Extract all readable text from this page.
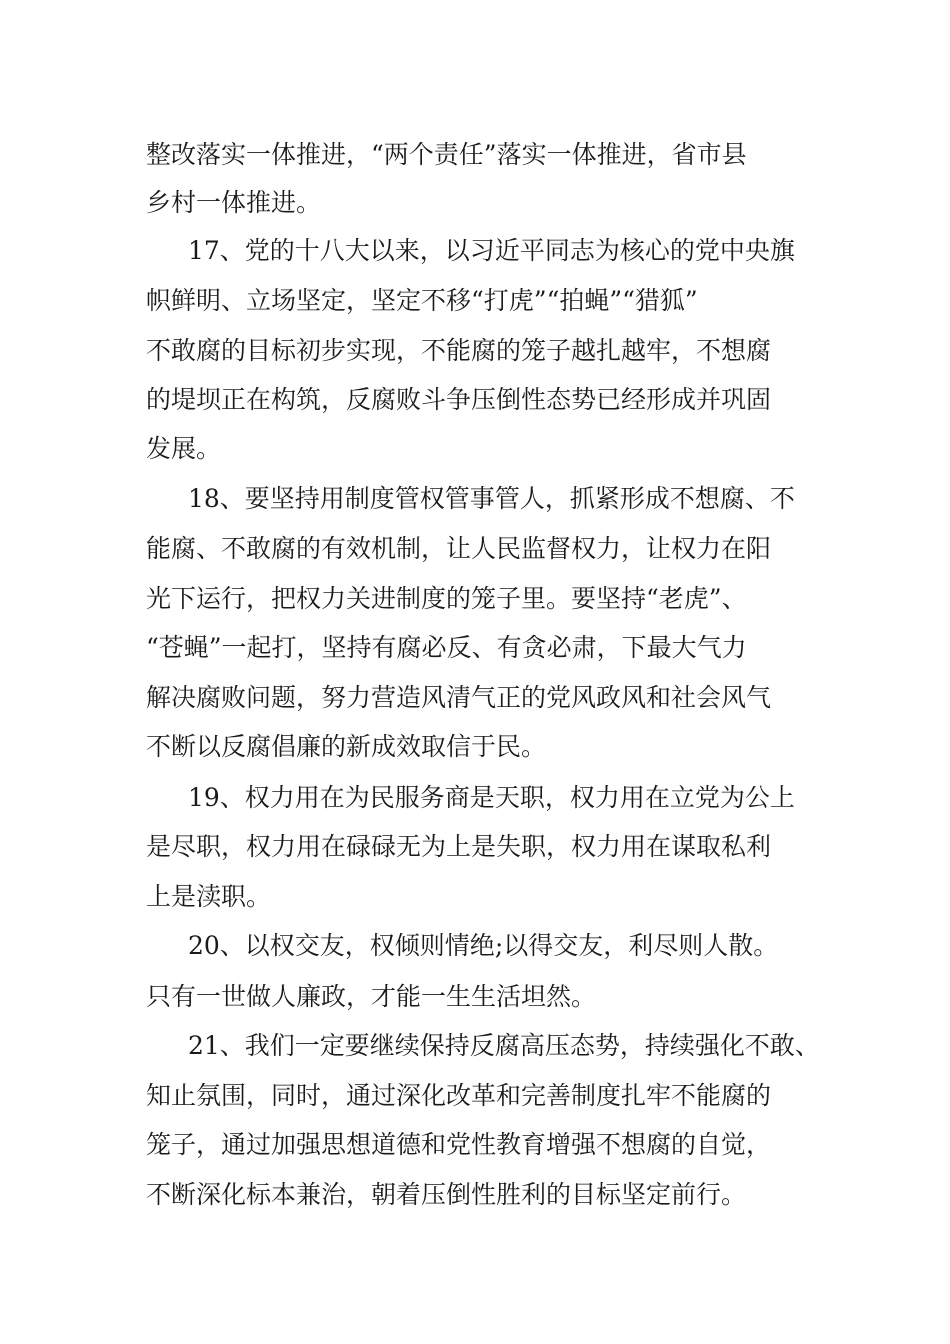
整改落实一体推进，“两个责任”落实一体推进，省市县
乡村一体推进。
17、党的十八大以来，以习近平同志为核心的党中央旗
帜鲜明、立场坚定，坚定不移“打虎”“拍蝇”“猎狐”
不敢腐的目标初步实现，不能腐的笼子越扎越牢，不想腐
的堤坝正在构筑，反腐败斗争压倒性态势已经形成并巩固
发展。
18、要坚持用制度管权管事管人，抓紧形成不想腐、不
能腐、不敢腐的有效机制，让人民监督权力，让权力在阳
光下运行，把权力关进制度的笼子里。要坚持“老虎”、
“苍蝇”一起打，坚持有腐必反、有贪必肃，下最大气力
解决腐败问题，努力营造风清气正的党风政风和社会风气
不断以反腐倡廉的新成效取信于民。
19、权力用在为民服务商是天职，权力用在立党为公上
是尽职，权力用在碌碌无为上是失职，权力用在谋取私利
上是渎职。
20、以权交友，权倾则情绝;以得交友，利尽则人散。
只有一世做人廉政，才能一生生活坦然。
21、我们一定要继续保持反腐高压态势，持续强化不敢、
知止氛围，同时，通过深化改革和完善制度扎牢不能腐的
笼子，通过加强思想道德和党性教育增强不想腐的自觉，
不断深化标本兼治，朝着压倒性胜利的目标坚定前行。
